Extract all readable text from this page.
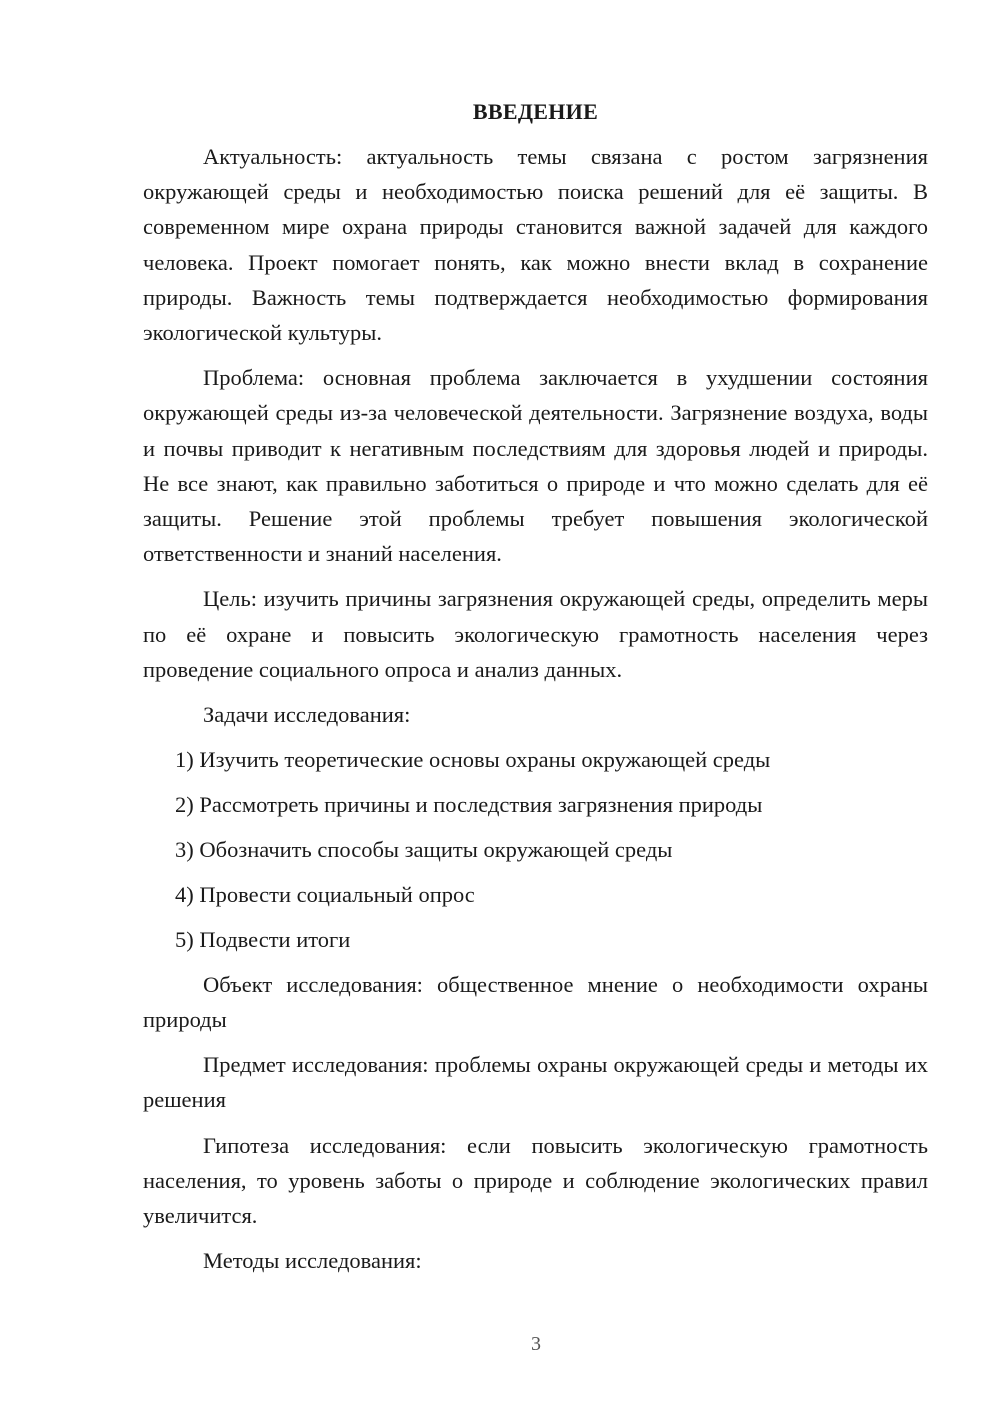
ВВЕДЕНИЕ
Актуальность: актуальность темы связана с ростом загрязнения окружающей среды и необходимостью поиска решений для её защиты. В современном мире охрана природы становится важной задачей для каждого человека. Проект помогает понять, как можно внести вклад в сохранение природы. Важность темы подтверждается необходимостью формирования экологической культуры.
Проблема: основная проблема заключается в ухудшении состояния окружающей среды из-за человеческой деятельности. Загрязнение воздуха, воды и почвы приводит к негативным последствиям для здоровья людей и природы. Не все знают, как правильно заботиться о природе и что можно сделать для её защиты. Решение этой проблемы требует повышения экологической ответственности и знаний населения.
Цель: изучить причины загрязнения окружающей среды, определить меры по её охране и повысить экологическую грамотность населения через проведение социального опроса и анализ данных.
Задачи исследования:
1) Изучить теоретические основы охраны окружающей среды
2) Рассмотреть причины и последствия загрязнения природы
3) Обозначить способы защиты окружающей среды
4) Провести социальный опрос
5) Подвести итоги
Объект исследования: общественное мнение о необходимости охраны природы
Предмет исследования: проблемы охраны окружающей среды и методы их решения
Гипотеза исследования: если повысить экологическую грамотность населения, то уровень заботы о природе и соблюдение экологических правил увеличится.
Методы исследования:
3
